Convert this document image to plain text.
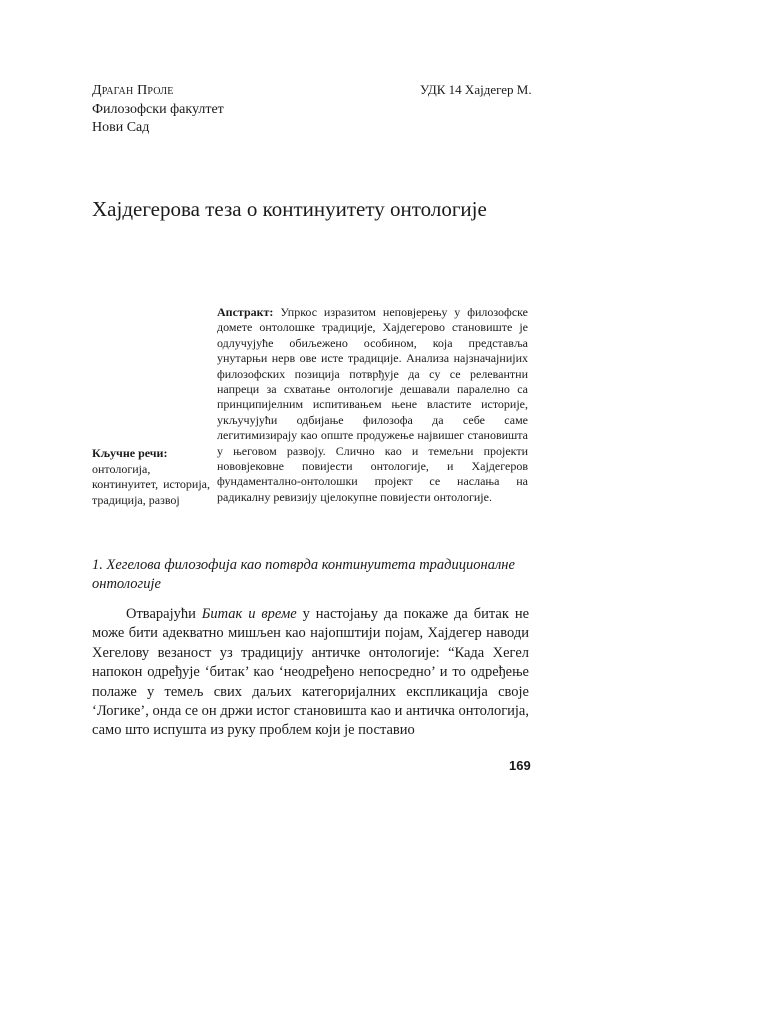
Драган Проле
Филозофски факултет
Нови Сад
УДК 14 Хајдегер М.
Хајдегерова теза о континуитету онтологије
Апстракт: Упркос изразитом неповјерењу у филозофске домете онтолошке традиције, Хајдегерово становиште је одлучујуће обиљежено особином, која представља унутарњи нерв ове исте традиције. Анализа најзначајнијих филозофских позиција потврђује да су се релевантни напреци за схватање онтологије дешавали паралелно са принципијелним испитивањем њене властите историје, укључујући одбијање филозофа да себе саме легитимизирају као опште продужење највишег становишта у његовом развоју. Слично као и темељни пројекти нововјековне повијести онтологије, и Хајдегеров фундаментално-онтолошки пројект се наслања на радикалну ревизију цјелокупне повијести онтологије.
Кључне речи:
онтологија, континуитет, историја, традиција, развој
1. Хегелова филозофија као потврда континуитета традиционалне онтологије

Отварајући Битак и време у настојању да покаже да битак не може бити адекватно мишљен као најопштији појам, Хајдегер наводи Хегелову везаност уз традицију античке онтологије: “Када Хегел напокон одређује ‘битак’ као ‘неодређено непосредно’ и то одређење полаже у темељ свих даљих категоријалних експликација своје ‘Логике’, онда се он држи истог становишта као и античка онтологија, само што испушта из руку проблем који је поставио

169
